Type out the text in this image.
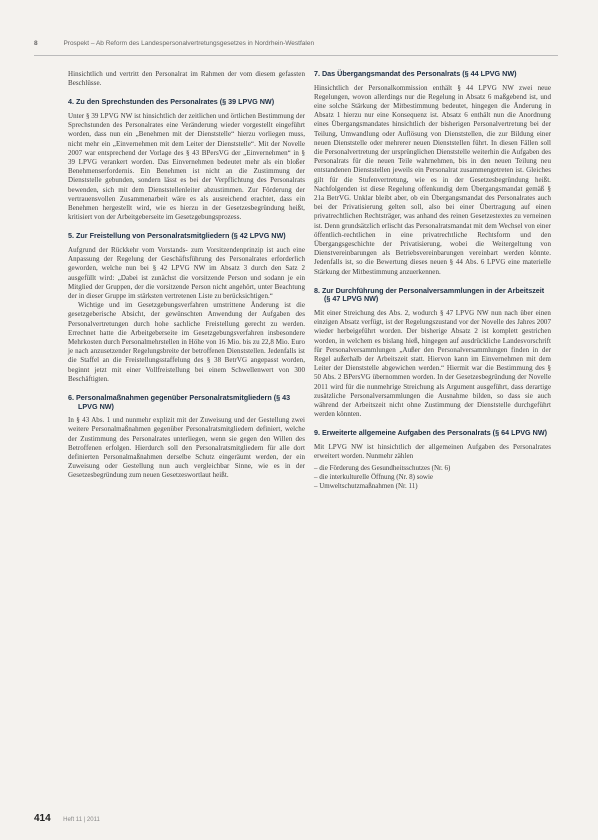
8	Prospekt – Ab Reform des Landespersonalvertretungsgesetzes in Nordrhein-Westfalen

Hinsichtlich und vertritt den Personalrat im Rahmen der vom diesem gefassten Beschlüsse.

4. Zu den Sprechstunden des Personalrates (§ 39 LPVG NW)

Unter § 39 LPVG NW ist hinsichtlich der zeitlichen und örtlichen Bestimmung der Sprechstunden des Personalrates eine Veränderung wieder vorgestellt eingeführt worden, dass nun ein „Benehmen mit der Dienststelle“ hierzu vorliegen muss, nicht mehr ein „Einvernehmen mit dem Leiter der Dienststelle“. Mit der Novelle 2007 war entsprechend der Vorlage des § 43 BPersVG der „Einvernehmen“ in § 39 LPVG verankert worden. Das Einvernehmen bedeutet mehr als ein bloßer Benehmenserfordernis. Ein Benehmen ist nicht an die Zustimmung der Dienststelle gebunden, sondern lässt es bei der Verpflichtung des Personalrats bewenden, sich mit dem Dienststellenleiter abzustimmen. Zur Förderung der vertrauensvollen Zusammenarbeit wäre es als ausreichend erachtet, dass ein Benehmen hergestellt wird, wie es hierzu in der Gesetzesbegründung heißt, kritisiert von der Arbeitgeberseite im Gesetzgebungsprozess.

5. Zur Freistellung von Personalratsmitgliedern (§ 42 LPVG NW)

Aufgrund der Rückkehr vom Vorstands- zum Vorsitzendenprinzip ist auch eine Anpassung der Regelung der Geschäftsführung des Personalrates erforderlich geworden, welche nun bei § 42 LPVG NW im Absatz 3 durch den Satz 2 ausgefüllt wird: „Dabei ist zunächst die vorsitzende Person und sodann je ein Mitglied der Gruppen, der die vorsitzende Person nicht angehört, unter Beachtung der in dieser Gruppe im stärksten vertretenen Liste zu berücksichtigen.“

Wichtige und im Gesetzgebungsverfahren umstrittene Änderung ist die gesetzgeberische Absicht, der gewünschten Anwendung der Aufgaben des Personalvertretungen durch hohe sachliche Freistellung gerecht zu werden. Errechnet hatte die Arbeitgeberseite im Gesetzgebungsverfahren insbesondere Mehrkosten durch Personalmehrstellen in Höhe von 16 Mio. bis zu 22,8 Mio. Euro je nach anzusetzender Regelungsbreite der betroffenen Dienststellen. Jedenfalls ist die Staffel an die Freistellungsstaffelung des § 38 BetrVG angepasst worden, beginnt jetzt mit einer Vollfreistellung bei einem Schwellenwert von 300 Beschäftigten.

6. Personalmaßnahmen gegenüber Personalratsmitgliedern (§ 43 LPVG NW)

In § 43 Abs. 1 und nunmehr explizit mit der Zuweisung und der Gestellung zwei weitere Personalmaßnahmen gegenüber Personalratsmitgliedern definiert, welche der Zustimmung des Personalrates unterliegen, wenn sie gegen den Willen des Betroffenen erfolgen. Hierdurch soll den Personalratsmitgliedern für alle dort definierten Personalmaßnahmen derselbe Schutz eingeräumt werden, der ein Zuweisung oder Gestellung nun auch vergleichbar Sinne, wie es in der Gesetzesbegründung zum neuen Gesetzeswortlaut heißt.

7. Das Übergangsmandat des Personalrats (§ 44 LPVG NW)

Hinsichtlich der Personalkommission enthält § 44 LPVG NW zwei neue Regelungen, wovon allerdings nur die Regelung in Absatz 6 maßgebend ist, und eine solche Stärkung der Mitbestimmung bedeutet, hingegen die Änderung in Absatz 1 hierzu nur eine Konsequenz ist. Absatz 6 enthält nun die Anordnung eines Übergangsmandates hinsichtlich der bisherigen Personalvertretung bei der Teilung, Umwandlung oder Auflösung von Dienststellen, die zur Bildung einer neuen Dienststelle oder mehrerer neuen Dienststellen führt. In diesen Fällen soll die Personalvertretung der ursprünglichen Dienststelle weiterhin die Aufgaben des Personalrats für die neuen Teile wahrnehmen, bis in den neuen Teilung neu entstandenen Dienststellen jeweils ein Personalrat zusammengetreten ist. Gleiches gilt für die Stufenvertretung, wie es in der Gesetzesbegründung heißt. Nachfolgenden ist diese Regelung offenkundig dem Übergangsmandat gemäß § 21a BetrVG. Unklar bleibt aber, ob ein Übergangsmandat des Personalrates auch bei der Privatisierung gelten soll, also bei einer Übertragung auf einen privatrechtlichen Rechtsträger, was anhand des reinen Gesetzestextes zu verneinen ist. Denn grundsätzlich erlischt das Personalratsmandat mit dem Wechsel von einer öffentlich-rechtlichen in eine privatrechtliche Rechtsform und den Übergangsgeschichte der Privatisierung, wobei die Weitergeltung von Dienstvereinbarungen als Betriebsvereinbarungen vereinbart werden könnte. Jedenfalls ist, so die Bewertung dieses neuen § 44 Abs. 6 LPVG eine materielle Stärkung der Mitbestimmung anzuerkennen.

8. Zur Durchführung der Personalversammlungen in der Arbeitszeit (§ 47 LPVG NW)

Mit einer Streichung des Abs. 2, wodurch § 47 LPVG NW nun nach über einen einzigen Absatz verfügt, ist der Regelungszustand vor der Novelle des Jahres 2007 wieder herbeigeführt worden. Der bisherige Absatz 2 ist komplett gestrichen worden, in welchem es bislang hieß, hingegen auf ausdrückliche Landesvorschrift für Personalversammlungen „Außer den Personalversammlungen finden in der Regel außerhalb der Arbeitszeit statt. Hiervon kann im Einvernehmen mit dem Leiter der Dienststelle abgewichen werden.“ Hiermit war die Bestimmung des § 50 Abs. 2 BPersVG übernommen worden. In der Gesetzesbegründung der Novelle 2011 wird für die nunmehrige Streichung als Argument ausgeführt, dass derartige zusätzliche Personalversammlungen die Ausnahme bilden, so dass sie auch während der Arbeitszeit nicht ohne Zustimmung der Dienststelle durchgeführt werden könnten.

9. Erweiterte allgemeine Aufgaben des Personalrats (§ 64 LPVG NW)

Mit LPVG NW ist hinsichtlich der allgemeinen Aufgaben des Personalrates erweitert worden. Nunmehr zählen

– die Förderung des Gesundheitsschutzes (Nr. 6)
– die interkulturelle Öffnung (Nr. 8) sowie
– Umweltschutzmaßnahmen (Nr. 11)
414 Heft 11 | 2011
